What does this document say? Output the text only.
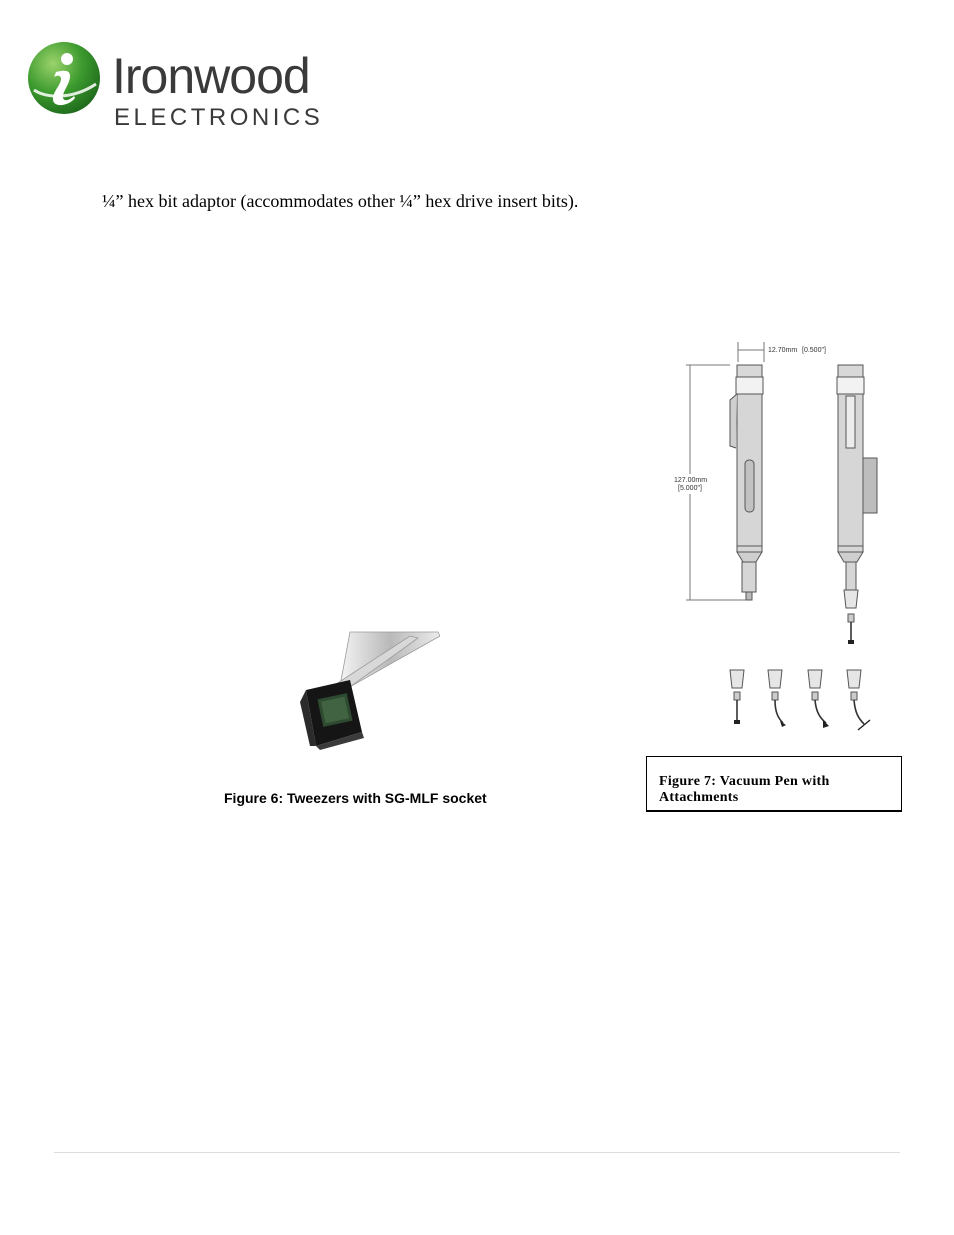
Ironwood
ELECTRONICS
¼” hex bit adaptor (accommodates other ¼” hex drive insert bits).
Figure 6: Tweezers with SG-MLF socket
12.70mm [0.500"]
127.00mm
[5.000"]
Figure 7: Vacuum Pen with Attachments
